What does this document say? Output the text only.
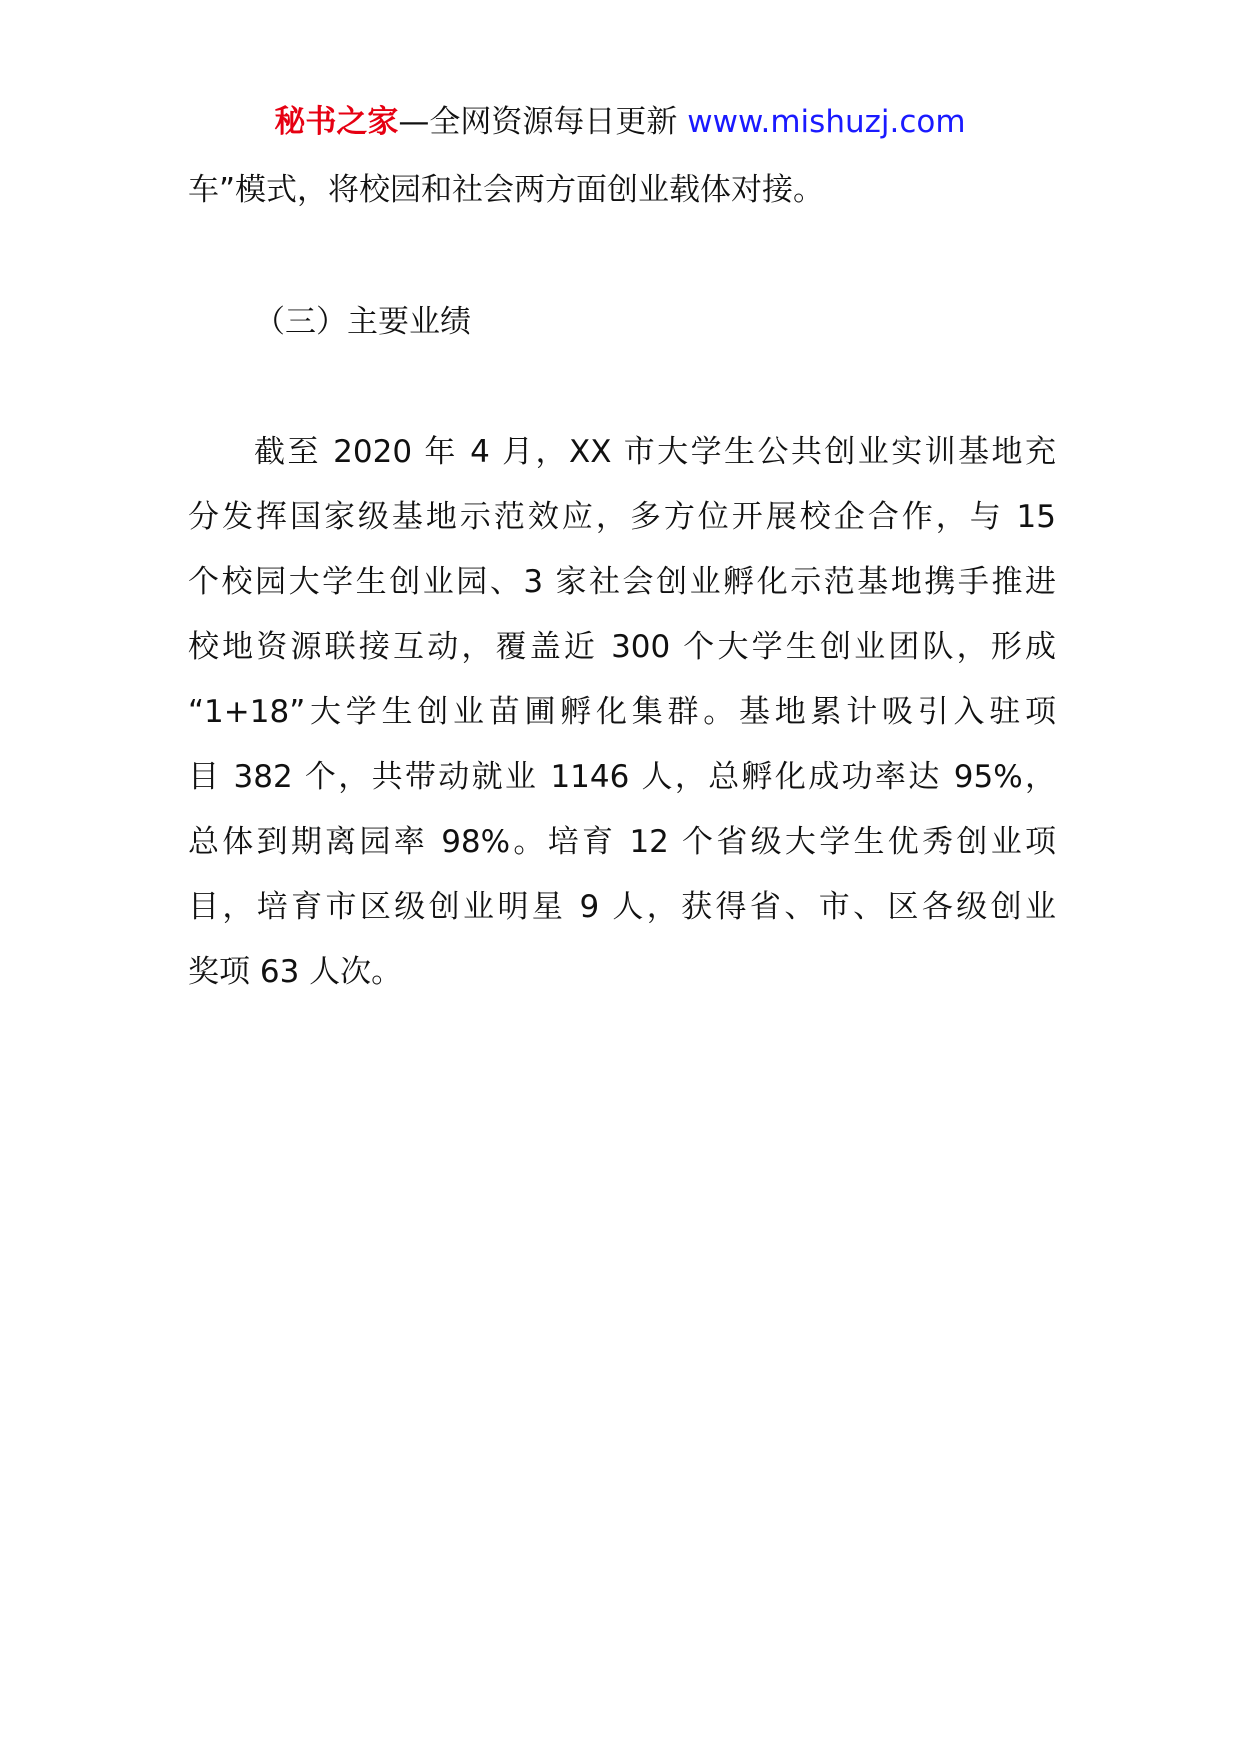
秘书之家—全网资源每日更新 www.mishuzj.com
车”模式，将校园和社会两方面创业载体对接。
（三）主要业绩
截至 2020 年 4 月，XX 市大学生公共创业实训基地充
分发挥国家级基地示范效应，多方位开展校企合作，与 15
个校园大学生创业园、3 家社会创业孵化示范基地携手推进
校地资源联接互动，覆盖近 300 个大学生创业团队，形成
“1+18”大学生创业苗圃孵化集群。基地累计吸引入驻项
目 382 个，共带动就业 1146 人，总孵化成功率达 95%，
总体到期离园率 98%。培育 12 个省级大学生优秀创业项
目，培育市区级创业明星 9 人，获得省、市、区各级创业
奖项 63 人次。
